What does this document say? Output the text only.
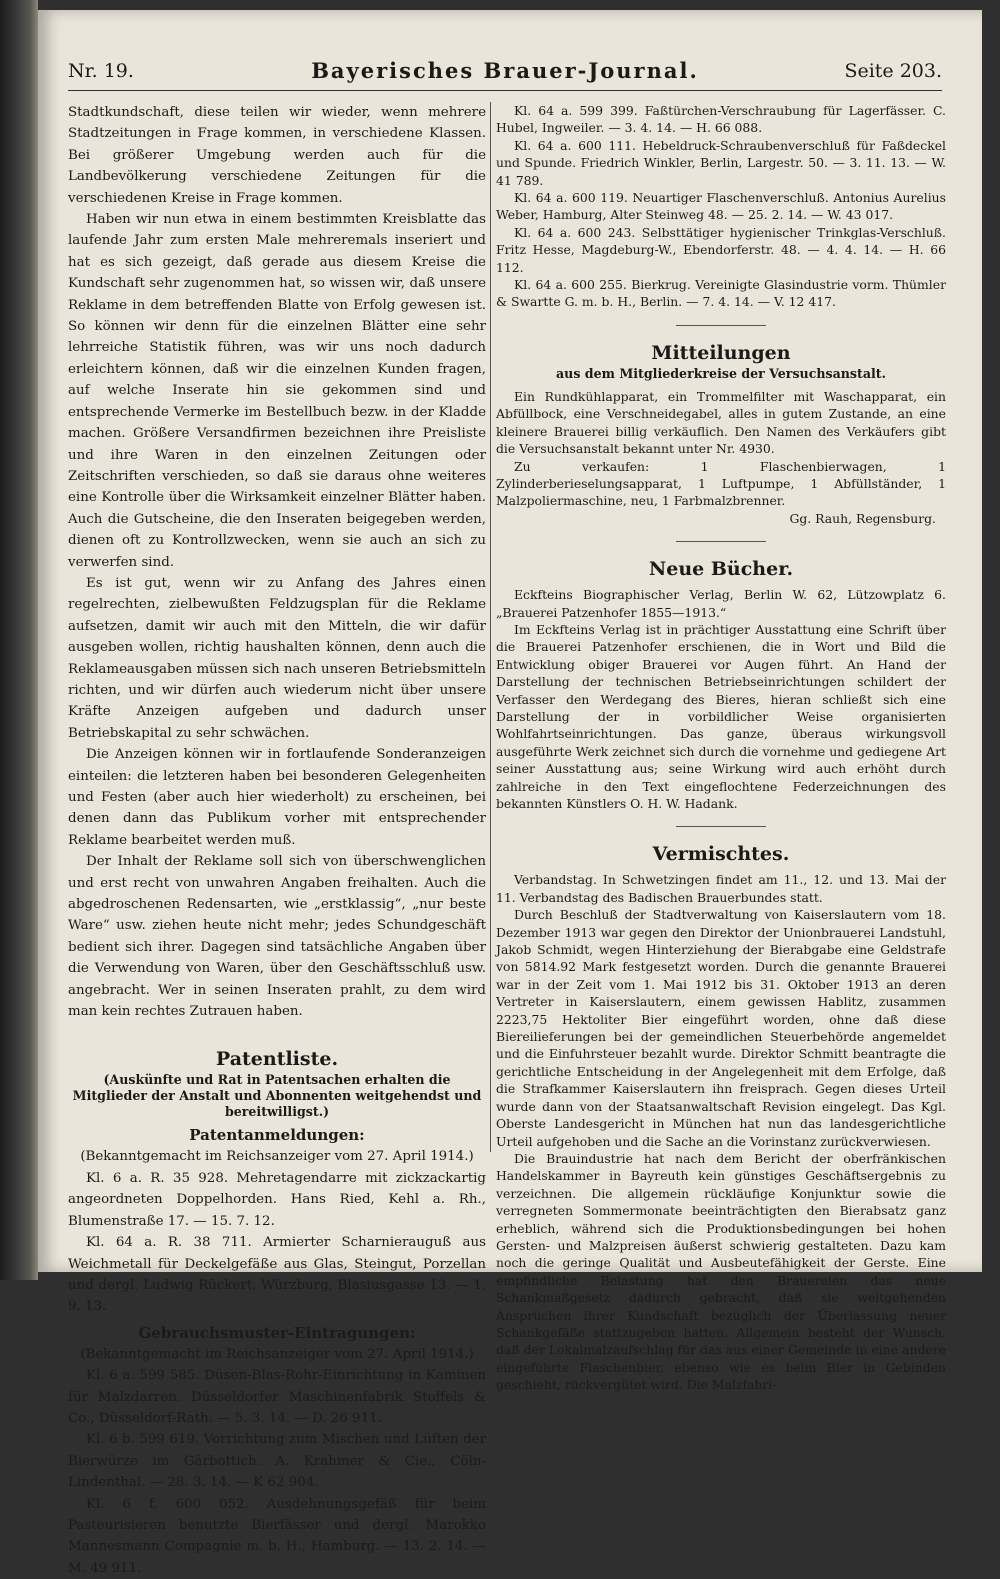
Nr. 19.	Bayerisches Brauer-Journal.	Seite 203.

Stadtkundschaft, diese teilen wir wieder, wenn mehrere Stadtzeitungen in Frage kommen, in verschiedene Klassen. Bei größerer Umgebung werden auch für die Landbevölkerung verschiedene Zeitungen für die verschiedenen Kreise in Frage kommen.

Haben wir nun etwa in einem bestimmten Kreisblatte das laufende Jahr zum ersten Male mehreremals inseriert und hat es sich gezeigt, daß gerade aus diesem Kreise die Kundschaft sehr zugenommen hat, so wissen wir, daß unsere Reklame in dem betreffenden Blatte von Erfolg gewesen ist. So können wir denn für die einzelnen Blätter eine sehr lehrreiche Statistik führen, was wir uns noch dadurch erleichtern können, daß wir die einzelnen Kunden fragen, auf welche Inserate hin sie gekommen sind und entsprechende Vermerke im Bestellbuch bezw. in der Kladde machen. Größere Versandfirmen bezeichnen ihre Preisliste und ihre Waren in den einzelnen Zeitungen oder Zeitschriften verschieden, so daß sie daraus ohne weiteres eine Kontrolle über die Wirksamkeit einzelner Blätter haben. Auch die Gutscheine, die den Inseraten beigegeben werden, dienen oft zu Kontrollzwecken, wenn sie auch an sich zu verwerfen sind.

Es ist gut, wenn wir zu Anfang des Jahres einen regelrechten, zielbewußten Feldzugsplan für die Reklame aufsetzen, damit wir auch mit den Mitteln, die wir dafür ausgeben wollen, richtig haushalten können, denn auch die Reklameausgaben müssen sich nach unseren Betriebsmitteln richten, und wir dürfen auch wiederum nicht über unsere Kräfte Anzeigen aufgeben und dadurch unser Betriebskapital zu sehr schwächen.

Die Anzeigen können wir in fortlaufende Sonderanzeigen einteilen: die letzteren haben bei besonderen Gelegenheiten und Festen (aber auch hier wiederholt) zu erscheinen, bei denen dann das Publikum vorher mit entsprechender Reklame bearbeitet werden muß.

Der Inhalt der Reklame soll sich von überschwenglichen und erst recht von unwahren Angaben freihalten. Auch die abgedroschenen Redensarten, wie „erstklassig“, „nur beste Ware“ usw. ziehen heute nicht mehr; jedes Schundgeschäft bedient sich ihrer. Dagegen sind tatsächliche Angaben über die Verwendung von Waren, über den Geschäftsschluß usw. angebracht. Wer in seinen Inseraten prahlt, zu dem wird man kein rechtes Zutrauen haben.

Patentliste.
(Auskünfte und Rat in Patentsachen erhalten die Mitglieder der Anstalt und Abonnenten weitgehendst und bereitwilligst.)
Patentanmeldungen:
(Bekanntgemacht im Reichsanzeiger vom 27. April 1914.)

Kl. 6 a. R. 35 928. Mehretagendarre mit zickzackartig angeordneten Doppelhorden. Hans Ried, Kehl a. Rh., Blumenstraße 17. — 15. 7. 12.

Kl. 64 a. R. 38 711. Armierter Scharnierauguß aus Weichmetall für Deckelgefäße aus Glas, Steingut, Porzellan und dergl. Ludwig Rückert, Würzburg, Blasiusgasse 13. — 1. 9. 13.

Gebrauchsmuster-Eintragungen:
(Bekanntgemacht im Reichsanzeiger vom 27. April 1914.)

Kl. 6 a. 599 585. Düsen-Blas-Rohr-Einrichtung in Kaminen für Malzdarren. Düsseldorfer Maschinenfabrik Stoffels & Co., Düsseldorf-Rath. — 5. 3. 14. — D. 26 911.

Kl. 6 b. 599 619. Vorrichtung zum Mischen und Lüften der Bierwürze im Gärbottich. A. Krahmer & Cie., Cöln-Lindenthal. — 28. 3. 14. — K 62 904.

Kl. 6 f. 600 052. Ausdehnungsgefäß für beim Pasteurisieren benutzte Bierfässer und dergl. Marokko Mannesmann Compagnie m. b. H., Hamburg. — 13. 2. 14. — M. 49 911.

Kl. 64 a. 599 399. Faßtürchen-Verschraubung für Lagerfässer. C. Hubel, Ingweiler. — 3. 4. 14. — H. 66 088.

Kl. 64 a. 600 111. Hebeldruck-Schraubenverschluß für Faßdeckel und Spunde. Friedrich Winkler, Berlin, Largestr. 50. — 3. 11. 13. — W. 41 789.

Kl. 64 a. 600 119. Neuartiger Flaschenverschluß. Antonius Aurelius Weber, Hamburg, Alter Steinweg 48. — 25. 2. 14. — W. 43 017.

Kl. 64 a. 600 243. Selbsttätiger hygienischer Trinkglas-Verschluß. Fritz Hesse, Magdeburg-W., Ebendorferstr. 48. — 4. 4. 14. — H. 66 112.

Kl. 64 a. 600 255. Bierkrug. Vereinigte Glasindustrie vorm. Thümler & Swartte G. m. b. H., Berlin. — 7. 4. 14. — V. 12 417.

Mitteilungen
aus dem Mitgliederkreise der Versuchsanstalt.

Ein Rundkühlapparat, ein Trommelfilter mit Waschapparat, ein Abfüllbock, eine Verschneidegabel, alles in gutem Zustande, an eine kleinere Brauerei billig verkäuflich. Den Namen des Verkäufers gibt die Versuchsanstalt bekannt unter Nr. 4930.

Zu verkaufen: 1 Flaschenbierwagen, 1 Zylinderberieselungsapparat, 1 Luftpumpe, 1 Abfüllständer, 1 Malzpoliermaschine, neu, 1 Farbmalzbrenner.

Gg. Rauh, Regensburg.
Neue Bücher.

Eckfteins Biographischer Verlag, Berlin W. 62, Lützowplatz 6. „Brauerei Patzenhofer 1855—1913.“

Im Eckfteins Verlag ist in prächtiger Ausstattung eine Schrift über die Brauerei Patzenhofer erschienen, die in Wort und Bild die Entwicklung obiger Brauerei vor Augen führt. An Hand der Darstellung der technischen Betriebseinrichtungen schildert der Verfasser den Werdegang des Bieres, hieran schließt sich eine Darstellung der in vorbildlicher Weise organisierten Wohlfahrtseinrichtungen. Das ganze, überaus wirkungsvoll ausgeführte Werk zeichnet sich durch die vornehme und gediegene Art seiner Ausstattung aus; seine Wirkung wird auch erhöht durch zahlreiche in den Text eingeflochtene Federzeichnungen des bekannten Künstlers O. H. W. Hadank.

Vermischtes.

Verbandstag. In Schwetzingen findet am 11., 12. und 13. Mai der 11. Verbandstag des Badischen Brauerbundes statt.

Durch Beschluß der Stadtverwaltung von Kaiserslautern vom 18. Dezember 1913 war gegen den Direktor der Unionbrauerei Landstuhl, Jakob Schmidt, wegen Hinterziehung der Bierabgabe eine Geldstrafe von 5814.92 Mark festgesetzt worden. Durch die genannte Brauerei war in der Zeit vom 1. Mai 1912 bis 31. Oktober 1913 an deren Vertreter in Kaiserslautern, einem gewissen Hablitz, zusammen 2223,75 Hektoliter Bier eingeführt worden, ohne daß diese Biereilieferungen bei der gemeindlichen Steuerbehörde angemeldet und die Einfuhrsteuer bezahlt wurde. Direktor Schmitt beantragte die gerichtliche Entscheidung in der Angelegenheit mit dem Erfolge, daß die Strafkammer Kaiserslautern ihn freisprach. Gegen dieses Urteil wurde dann von der Staatsanwaltschaft Revision eingelegt. Das Kgl. Oberste Landesgericht in München hat nun das landesgerichtliche Urteil aufgehoben und die Sache an die Vorinstanz zurückverwiesen.

Die Brauindustrie hat nach dem Bericht der oberfränkischen Handelskammer in Bayreuth kein günstiges Geschäftsergebnis zu verzeichnen. Die allgemein rückläufige Konjunktur sowie die verregneten Sommermonate beeinträchtigten den Bierabsatz ganz erheblich, während sich die Produktionsbedingungen bei hohen Gersten- und Malzpreisen äußerst schwierig gestalteten. Dazu kam noch die geringe Qualität und Ausbeutefähigkeit der Gerste. Eine empfindliche Belastung hat den Brauereien das neue Schankmaßgesetz dadurch gebracht, daß sie weitgehenden Ansprüchen ihrer Kundschaft bezüglich der Überlassung neuer Schankgefäße stattzugeben hatten. Allgemein besteht der Wunsch, daß der Lokalmalzaufschlag für das aus einer Gemeinde in eine andere eingeführte Flaschenbier, ebenso wie es beim Bier in Gebinden geschieht, rückvergütet wird. Die Malzfabri-
